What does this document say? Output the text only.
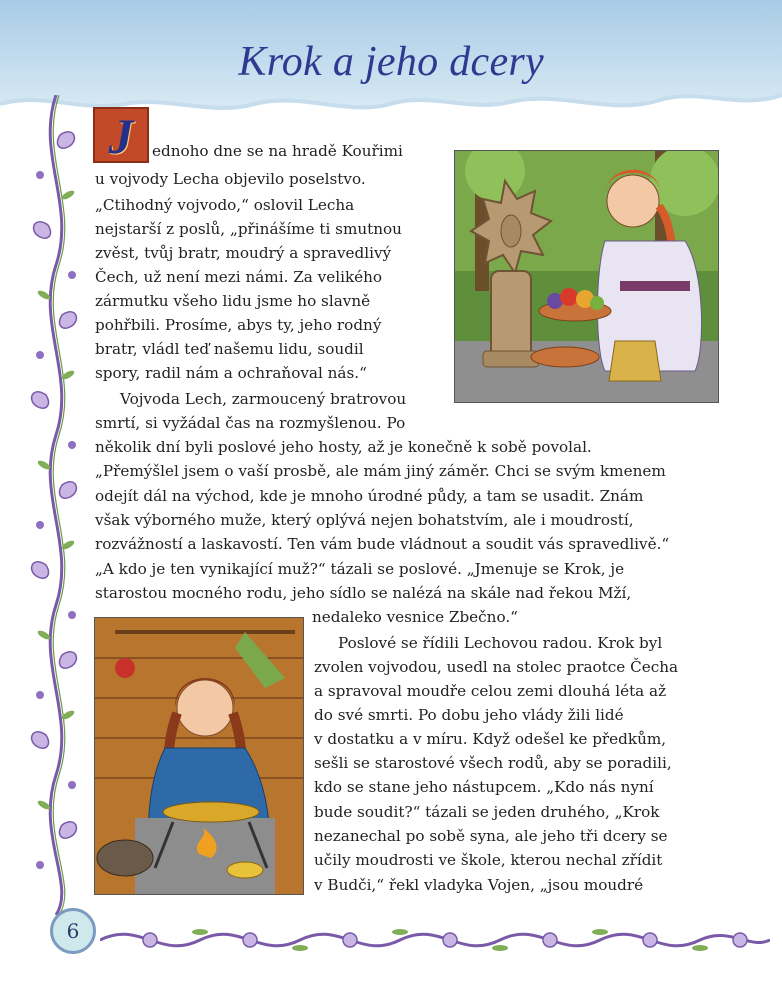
Krok a jeho dcery
J	ednoho dne se na hradě Kouřimi
u vojvody Lecha objevilo poselstvo.
„Ctihodný vojvodo,“ oslovil Lecha
nejstarší z poslů, „přinášíme ti smutnou
zvěst, tvůj bratr, moudrý a spravedlivý
Čech, už není mezi námi. Za velikého
zármutku všeho lidu jsme ho slavně
pohřbili. Prosíme, abys ty, jeho rodný
bratr, vládl teď našemu lidu, soudil
spory, radil nám a ochraňoval nás.“
Vojvoda Lech, zarmoucený bratrovou
smrtí, si vyžádal čas na rozmyšlenou. Po
několik dní byli poslové jeho hosty, až je konečně k sobě povolal.
„Přemýšlel jsem o vaší prosbě, ale mám jiný záměr. Chci se svým kmenem
odejít dál na východ, kde je mnoho úrodné půdy, a tam se usadit. Znám
však výborného muže, který oplývá nejen bohatstvím, ale i moudrostí,
rozvážností a laskavostí. Ten vám bude vládnout a soudit vás spravedlivě.“
„A kdo je ten vynikající muž?“ tázali se poslové. „Jmenuje se Krok, je
starostou mocného rodu, jeho sídlo se nalézá na skále nad řekou Mží,
nedaleko vesnice Zbečno.“
Poslové se řídili Lechovou radou. Krok byl
zvolen vojvodou, usedl na stolec praotce Čecha
a spravoval moudře celou zemi dlouhá léta až
do své smrti. Po dobu jeho vlády žili lidé
v dostatku a v míru. Když odešel ke předkům,
sešli se starostové všech rodů, aby se poradili,
kdo se stane jeho nástupcem. „Kdo nás nyní
bude soudit?“ tázali se jeden druhého, „Krok
nezanechal po sobě syna, ale jeho tři dcery se
učily moudrosti ve škole, kterou nechal zřídit
v Budči,“ řekl vladyka Vojen, „jsou moudré
6
